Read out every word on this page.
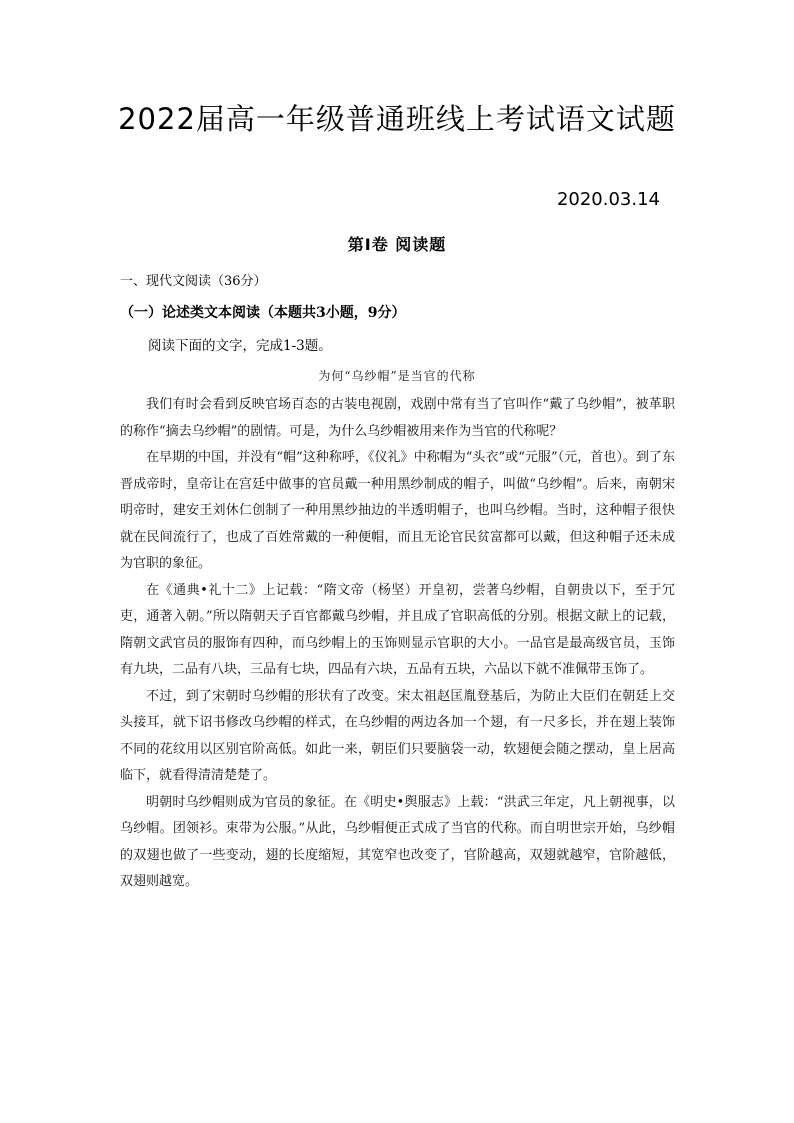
2022届高一年级普通班线上考试语文试题
2020.03.14
第Ⅰ卷 阅读题
一、现代文阅读（36分）
（一）论述类文本阅读（本题共3小题，9分）
阅读下面的文字，完成1-3题。
为何“乌纱帽”是当官的代称

我们有时会看到反映官场百态的古装电视剧，戏剧中常有当了官叫作“戴了乌纱帽”，被革职的称作“摘去乌纱帽”的剧情。可是，为什么乌纱帽被用来作为当官的代称呢？

在早期的中国，并没有“帽”这种称呼，《仪礼》中称帽为“头衣”或“元服”（元，首也）。到了东晋成帝时，皇帝让在宫廷中做事的官员戴一种用黑纱制成的帽子，叫做“乌纱帽”。后来，南朝宋明帝时，建安王刘休仁创制了一种用黑纱抽边的半透明帽子，也叫乌纱帽。当时，这种帽子很快就在民间流行了，也成了百姓常戴的一种便帽，而且无论官民贫富都可以戴，但这种帽子还未成为官职的象征。

在《通典•礼十二》上记载：“隋文帝（杨坚）开皇初，尝著乌纱帽，自朝贵以下，至于冗吏，通著入朝。”所以隋朝天子百官都戴乌纱帽，并且成了官职高低的分别。根据文献上的记载，隋朝文武官员的服饰有四种，而乌纱帽上的玉饰则显示官职的大小。一品官是最高级官员，玉饰有九块，二品有八块，三品有七块，四品有六块，五品有五块，六品以下就不准佩带玉饰了。

不过，到了宋朝时乌纱帽的形状有了改变。宋太祖赵匡胤登基后，为防止大臣们在朝廷上交头接耳，就下诏书修改乌纱帽的样式，在乌纱帽的两边各加一个翅，有一尺多长，并在翅上装饰不同的花纹用以区别官阶高低。如此一来，朝臣们只要脑袋一动，软翅便会随之摆动，皇上居高临下，就看得清清楚楚了。

明朝时乌纱帽则成为官员的象征。在《明史•舆服志》上载：“洪武三年定，凡上朝视事，以乌纱帽。团领衫。束带为公服。”从此，乌纱帽便正式成了当官的代称。而自明世宗开始，乌纱帽的双翅也做了一些变动，翅的长度缩短，其宽窄也改变了，官阶越高，双翅就越窄，官阶越低，双翅则越宽。
